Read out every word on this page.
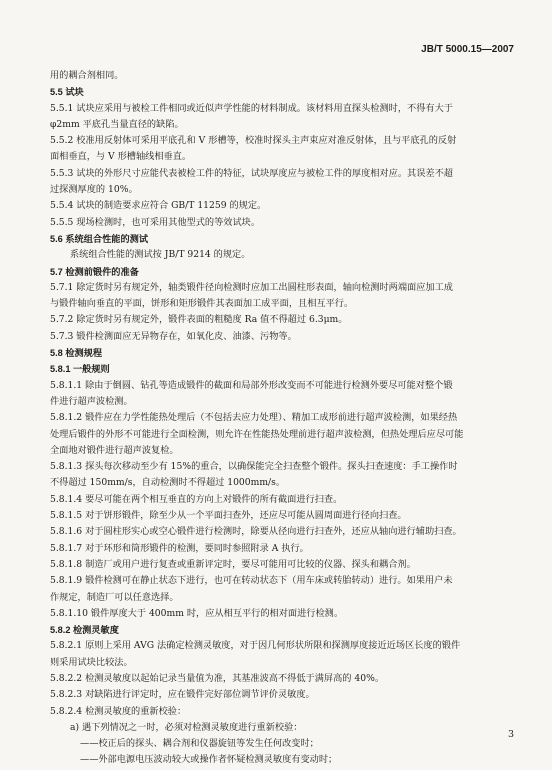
JB/T 5000.15—2007
用的耦合剂相同。
5.5 试块
5.5.1 试块应采用与被检工件相同或近似声学性能的材料制成。该材料用直探头检测时，不得有大于
φ2mm 平底孔当量直径的缺陷。
5.5.2 校准用反射体可采用平底孔和 V 形槽等，校准时探头主声束应对准反射体，且与平底孔的反射
面相垂直，与 V 形槽轴线相垂直。
5.5.3 试块的外形尺寸应能代表被检工件的特征，试块厚度应与被检工件的厚度相对应。其误差不超
过探测厚度的 10%。
5.5.4 试块的制造要求应符合 GB/T 11259 的规定。
5.5.5 现场检测时，也可采用其他型式的等效试块。
5.6 系统组合性能的测试
系统组合性能的测试按 JB/T 9214 的规定。
5.7 检测前锻件的准备
5.7.1 除定货时另有规定外，轴类锻件径向检测时应加工出圆柱形表面，轴向检测时两端面应加工成
与锻件轴向垂直的平面，饼形和矩形锻件其表面加工成平面，且相互平行。
5.7.2 除定货时另有规定外，锻件表面的粗糙度 Ra 值不得超过 6.3μm。
5.7.3 锻件检测面应无异物存在，如氧化皮、油漆、污物等。
5.8 检测规程
5.8.1 一般规则
5.8.1.1 除由于倒圆、钻孔等造成锻件的截面和局部外形改变而不可能进行检测外要尽可能对整个锻
件进行超声波检测。
5.8.1.2 锻件应在力学性能热处理后（不包括去应力处理）、精加工成形前进行超声波检测，如果经热
处理后锻件的外形不可能进行全面检测，则允许在性能热处理前进行超声波检测，但热处理后应尽可能
全面地对锻件进行超声波复检。
5.8.1.3 探头每次移动至少有 15%的重合，以确保能完全扫查整个锻件。探头扫查速度：手工操作时
不得超过 150mm/s，自动检测时不得超过 1000mm/s。
5.8.1.4 要尽可能在两个相互垂直的方向上对锻件的所有截面进行扫查。
5.8.1.5 对于饼形锻件，除至少从一个平面扫查外，还应尽可能从圆周面进行径向扫查。
5.8.1.6 对于圆柱形实心或空心锻件进行检测时，除要从径向进行扫查外，还应从轴向进行辅助扫查。
5.8.1.7 对于环形和筒形锻件的检测，要同时参照附录 A 执行。
5.8.1.8 制造厂或用户进行复查或重新评定时，要尽可能用可比较的仪器、探头和耦合剂。
5.8.1.9 锻件检测可在静止状态下进行，也可在转动状态下（用车床或转胎转动）进行。如果用户未
作规定，制造厂可以任意选择。
5.8.1.10 锻件厚度大于 400mm 时，应从相互平行的相对面进行检测。
5.8.2 检测灵敏度
5.8.2.1 原则上采用 AVG 法确定检测灵敏度，对于因几何形状所限和探测厚度接近近场区长度的锻件
则采用试块比较法。
5.8.2.2 检测灵敏度以起始记录当量值为准，其基准波高不得低于满屏高的 40%。
5.8.2.3 对缺陷进行评定时，应在锻件完好部位调节评价灵敏度。
5.8.2.4 检测灵敏度的重新校验：
a) 遇下列情况之一时，必须对检测灵敏度进行重新校验：
——校正后的探头、耦合剂和仪器旋钮等发生任何改变时；
——外部电源电压波动较大或操作者怀疑检测灵敏度有变动时；
3
